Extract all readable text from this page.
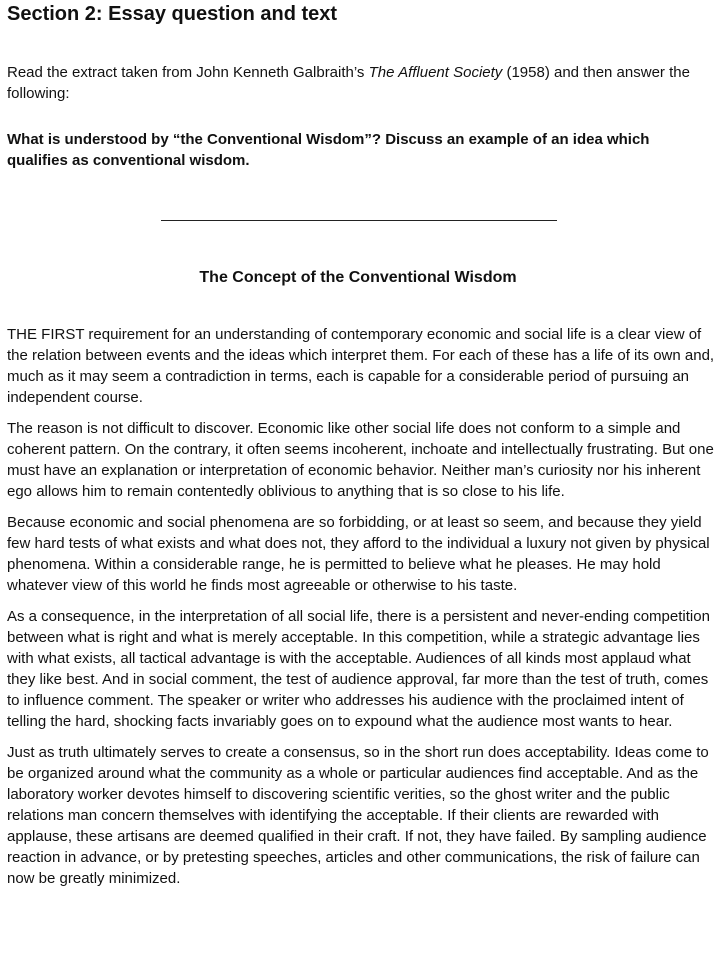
Section 2: Essay question and text

Read the extract taken from John Kenneth Galbraith’s The Affluent Society (1958) and then answer the following:

What is understood by “the Conventional Wisdom”? Discuss an example of an idea which qualifies as conventional wisdom.

The Concept of the Conventional Wisdom

THE FIRST requirement for an understanding of contemporary economic and social life is a clear view of the relation between events and the ideas which interpret them. For each of these has a life of its own and, much as it may seem a contradiction in terms, each is capable for a considerable period of pursuing an independent course.

The reason is not difficult to discover. Economic like other social life does not conform to a simple and coherent pattern. On the contrary, it often seems incoherent, inchoate and intellectually frustrating. But one must have an explanation or interpretation of economic behavior. Neither man’s curiosity nor his inherent ego allows him to remain contentedly oblivious to anything that is so close to his life.

Because economic and social phenomena are so forbidding, or at least so seem, and because they yield few hard tests of what exists and what does not, they afford to the individual a luxury not given by physical phenomena. Within a considerable range, he is permitted to believe what he pleases. He may hold whatever view of this world he finds most agreeable or otherwise to his taste.

As a consequence, in the interpretation of all social life, there is a persistent and never-ending competition between what is right and what is merely acceptable. In this competition, while a strategic advantage lies with what exists, all tactical advantage is with the acceptable. Audiences of all kinds most applaud what they like best. And in social comment, the test of audience approval, far more than the test of truth, comes to influence comment. The speaker or writer who addresses his audience with the proclaimed intent of telling the hard, shocking facts invariably goes on to expound what the audience most wants to hear.

Just as truth ultimately serves to create a consensus, so in the short run does acceptability. Ideas come to be organized around what the community as a whole or particular audiences find acceptable. And as the laboratory worker devotes himself to discovering scientific verities, so the ghost writer and the public relations man concern themselves with identifying the acceptable. If their clients are rewarded with applause, these artisans are deemed qualified in their craft. If not, they have failed. By sampling audience reaction in advance, or by pretesting speeches, articles and other communications, the risk of failure can now be greatly minimized.
